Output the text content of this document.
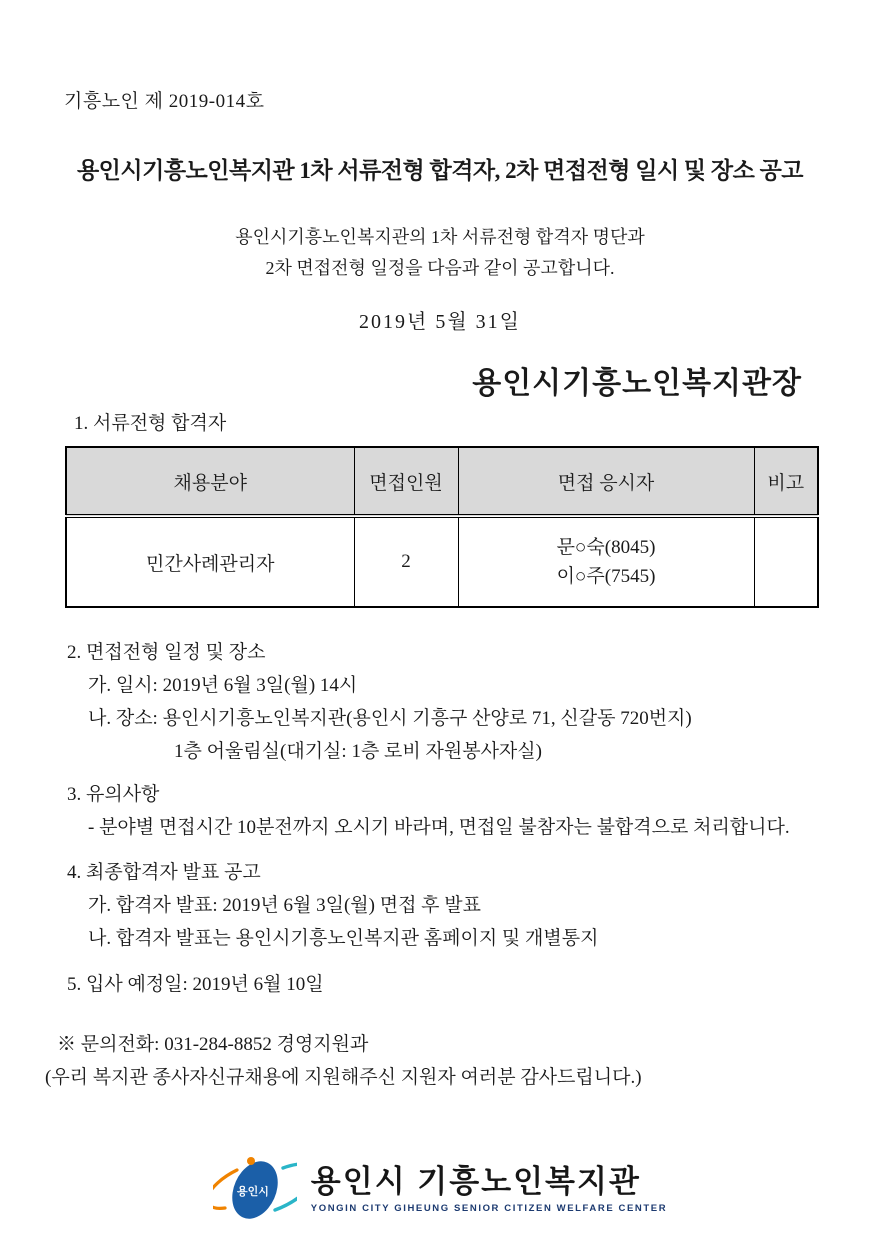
기흥노인 제 2019-014호
용인시기흥노인복지관 1차 서류전형 합격자, 2차 면접전형 일시 및 장소 공고
용인시기흥노인복지관의 1차 서류전형 합격자 명단과
2차 면접전형 일정을 다음과 같이 공고합니다.
2019년 5월 31일
용인시기흥노인복지관장
1. 서류전형 합격자
채용분야	면접인원	면접 응시자	비고
민간사례관리자	2	문○숙(8045)
이○주(7545)	

2. 면접전형 일정 및 장소
가. 일시: 2019년 6월 3일(월) 14시
나. 장소: 용인시기흥노인복지관(용인시 기흥구 산양로 71, 신갈동 720번지)
1층 어울림실(대기실: 1층 로비 자원봉사자실)
3. 유의사항
- 분야별 면접시간 10분전까지 오시기 바라며, 면접일 불참자는 불합격으로 처리합니다.
4. 최종합격자 발표 공고
가. 합격자 발표: 2019년 6월 3일(월) 면접 후 발표
나. 합격자 발표는 용인시기흥노인복지관 홈페이지 및 개별통지
5. 입사 예정일: 2019년 6월 10일
※ 문의전화: 031-284-8852 경영지원과
(우리 복지관 종사자신규채용에 지원해주신 지원자 여러분 감사드립니다.)
용인시 용인시 기흥노인복지관
YONGIN CITY GIHEUNG SENIOR CITIZEN WELFARE CENTER
